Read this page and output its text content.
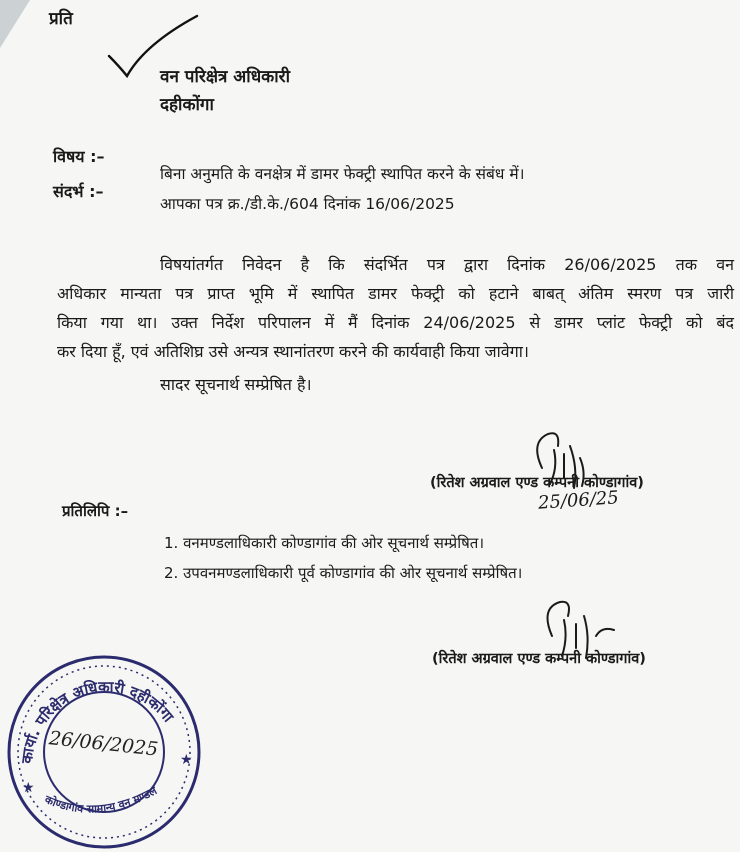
प्रति
वन परिक्षेत्र अधिकारी
दहीकोंगा
विषय :–
बिना अनुमति के वनक्षेत्र में डामर फेक्ट्री स्थापित करने के संबंध में।
संदर्भ :–
आपका पत्र क्र./डी.के./604 दिनांक 16/06/2025
विषयांतर्गत निवेदन है कि संदर्भित पत्र द्वारा दिनांक 26/06/2025 तक वन
अधिकार मान्यता पत्र प्राप्त भूमि में स्थापित डामर फेक्ट्री को हटाने बाबत् अंतिम स्मरण पत्र जारी
किया गया था। उक्त निर्देश परिपालन में मैं दिनांक 24/06/2025 से डामर प्लांट फेक्ट्री को बंद
कर दिया हूँ, एवं अतिशिघ्र उसे अन्यत्र स्थानांतरण करने की कार्यवाही किया जावेगा।
सादर सूचनार्थ सम्प्रेषित है।
(रितेश अग्रवाल एण्ड कम्पनी कोण्डागांव)
25/06/25
प्रतिलिपि :–
1. वनमण्डलाधिकारी कोण्डागांव की ओर सूचनार्थ सम्प्रेषित।
2. उपवनमण्डलाधिकारी पूर्व कोण्डागांव की ओर सूचनार्थ सम्प्रेषित।
(रितेश अग्रवाल एण्ड कम्पनी कोण्डागांव)
कार्या. परिक्षेत्र अधिकारी दहीकोंगा
कोण्डागांव सामान्य वन मण्डल
26/06/2025
★
★
